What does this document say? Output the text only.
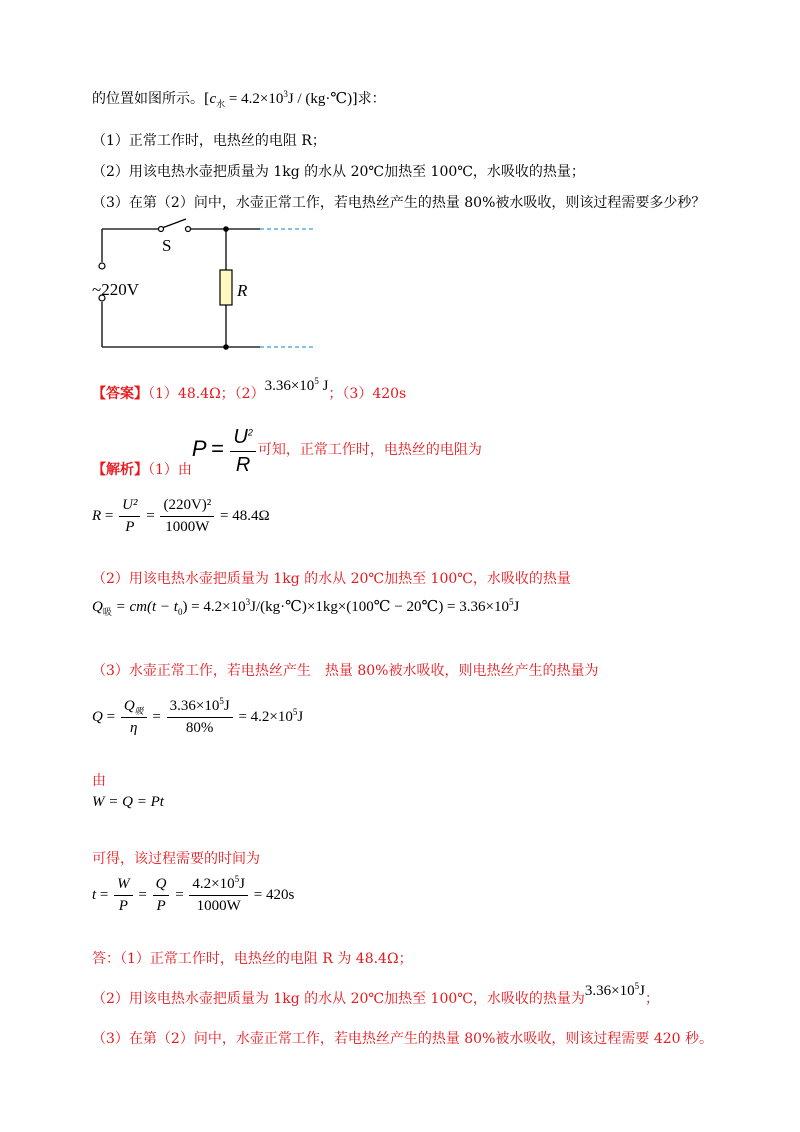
的位置如图所示。[$c_水 = 4.2\times 10^3J$ / (kg·℃)]求：
（1）正常工作时，电热丝的电阻 R；
（2）用该电热水壶把质量为 1kg 的水从 20℃加热至 100℃，水吸收的热量；
（3）在第（2）问中，水壶正常工作，若电热丝产生的热量 80%被水吸收，则该过程需要多少秒？
S
~220V	R
【答案】（1）48.4Ω；$(2)3.36\times 10^5$ J；（3）420s
【解析】（1）由$P = \frac{U^2}{R}$ 可知，正常工作时，电热丝的电阻为
$R = \frac{\text{U²}}{P} = \frac{\text{(220V)²}}{1000W} = 48.4\Omega$
（2）用该电热水壶把质量为 1kg 的水从 20℃加热至 100℃，水吸收的热量
$Q_吸 = cm(t - t_0)$ = $4.2\times 10^3J/(kg\cdot℃)\times 1kg\times(100℃$ − 20℃) = $3.36\times 10^5J$
（3）水壶正常工作，若电热丝产生　热量 80%被水吸收，则电热丝产生的热量为
$Q = \frac{Q_吸}{\eta} = \frac{3.36\times 10^5J}{80\%} = 4.2\times 10^5J$
由
W = Q = Pt
可得，该过程需要的时间为
$t = \frac{W}{P} = \frac{Q}{P} = \frac{4.2\times 10^5J}{1000W} = 420s$
答：（1）正常工作时，电热丝的电阻 R 为 48.4Ω；
（2）用该电热水壶把质量为 1kg 的水从 20℃加热至 100℃，水吸收的热量为$3.36\times 10^5J$；
（3）在第（2）问中，水壶正常工作，若电热丝产生的热量 80%被水吸收，则该过程需要 420 秒。
